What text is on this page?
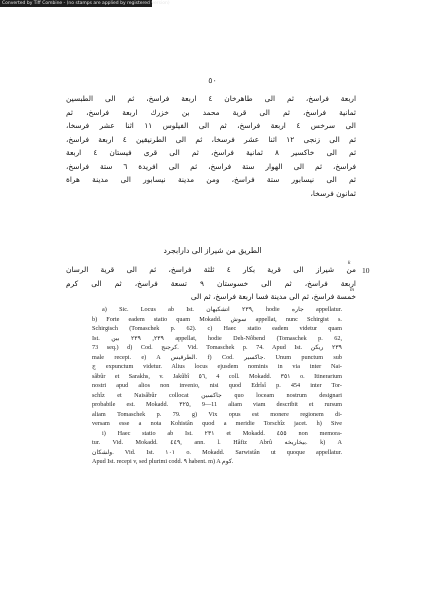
Converted by Tiff Combine - (no stamps are applied by registered version)
٥٠
اربعة فراسخ، ثم الى طاهرخان ٤ اربعة فراسخ، ثم الى الطبسين
ثمانية فراسخ، ثم الى قرية محمد بن خزرك اربعة فراسخ، ثم
الى سرخس ٤ اربعة فراسخ، ثم الى الفيلوس ١١ اثنا عشر فرسخا،
ثم الى زنجى ١٢ اثنا عشر فرسخا، ثم الى الطرنيقين ٤ اربعة فراسخ،
ثم الى خاكسير ٨ ثمانية فراسخ، ثم الى قرى فيستان ٤ اربعة
فراسخ، ثم الى الهوار ستة فراسخ، ثم الى افريدة ٦ ستة فراسخ،
ثم الى نيسابور ستة فراسخ، ومن مدينة نيسابور الى مدينة هراة
ثمانون فرسخا،
الطريق من شيراز الى دارابجرد
من شيراز الى قرية بكار ٤ ثلثة فراسخ، ثم الى قرية الرسان
اربعة فراسخ، ثم الى خسوستان ٩ تسعة فراسخ، ثم الى كرم
خمسة فراسخ، ثم الى مدينة فسا اربعة فراسخ، ثم الى
10
k
m
a) Sic. Locus ab Ist. ٢٣٩ اتشكيهان, hodie جاره appellatur.
b) Forte eadem statio quam Mokadd. سوش appellat, nunc Schirgist s.
Schirgisch (Tomaschek p. 62). c) Haec statio eadem videtur quam
Ist. ٢٣٩, ٢٣٩ بين appellat, hodie Deh-Nôbend (Tomaschek p. 62,
73 seq.) d) Cod. كرجنج. Vid. Tomaschek p. 74. Apud Ist. ٢٣٩ ريكن
male recepi. e) A الطرقيس. f) Cod. جاكسير. Unum punctum sub
ج expunctum videtur. Alius locus ejusdem nominis in via inter Nai-
sâbûr et Sarakhs, v. Jakûbî ٥٦, 4 coll. Mokadd. ٣٥١ o. Itinerarium
nostri apud alios non invenio, nisi quod Edrîsî p. 454 inter Tor-
schîz et Naisâbûr collocat جاكسين quo loceam nostrum designari
probabile est. Mokadd. ٣٢٥, 9—11 aliam viam describit et rursum
aliam Tomaschek p. 79. g) Vix opus est monere regionem di-
versam esse a nota Kohistân quod a meridie Torschîz jacet. h) Sive
i) Haec statio ab Ist. ٢٣١ et Mokadd. ٤٥٥ non memora-
tur. Vid. Mokadd. ٤٤٩, ann. l. Hâfiz Abrû بيخاريخه. k) A
ولشكان. Vid. Ist. ١٠١ o. Mokadd. Sarwistân ut quoque appellatur.
Apud Ist. recepi v, sed plurimi codd. ٩ habent. m) A كوم.
